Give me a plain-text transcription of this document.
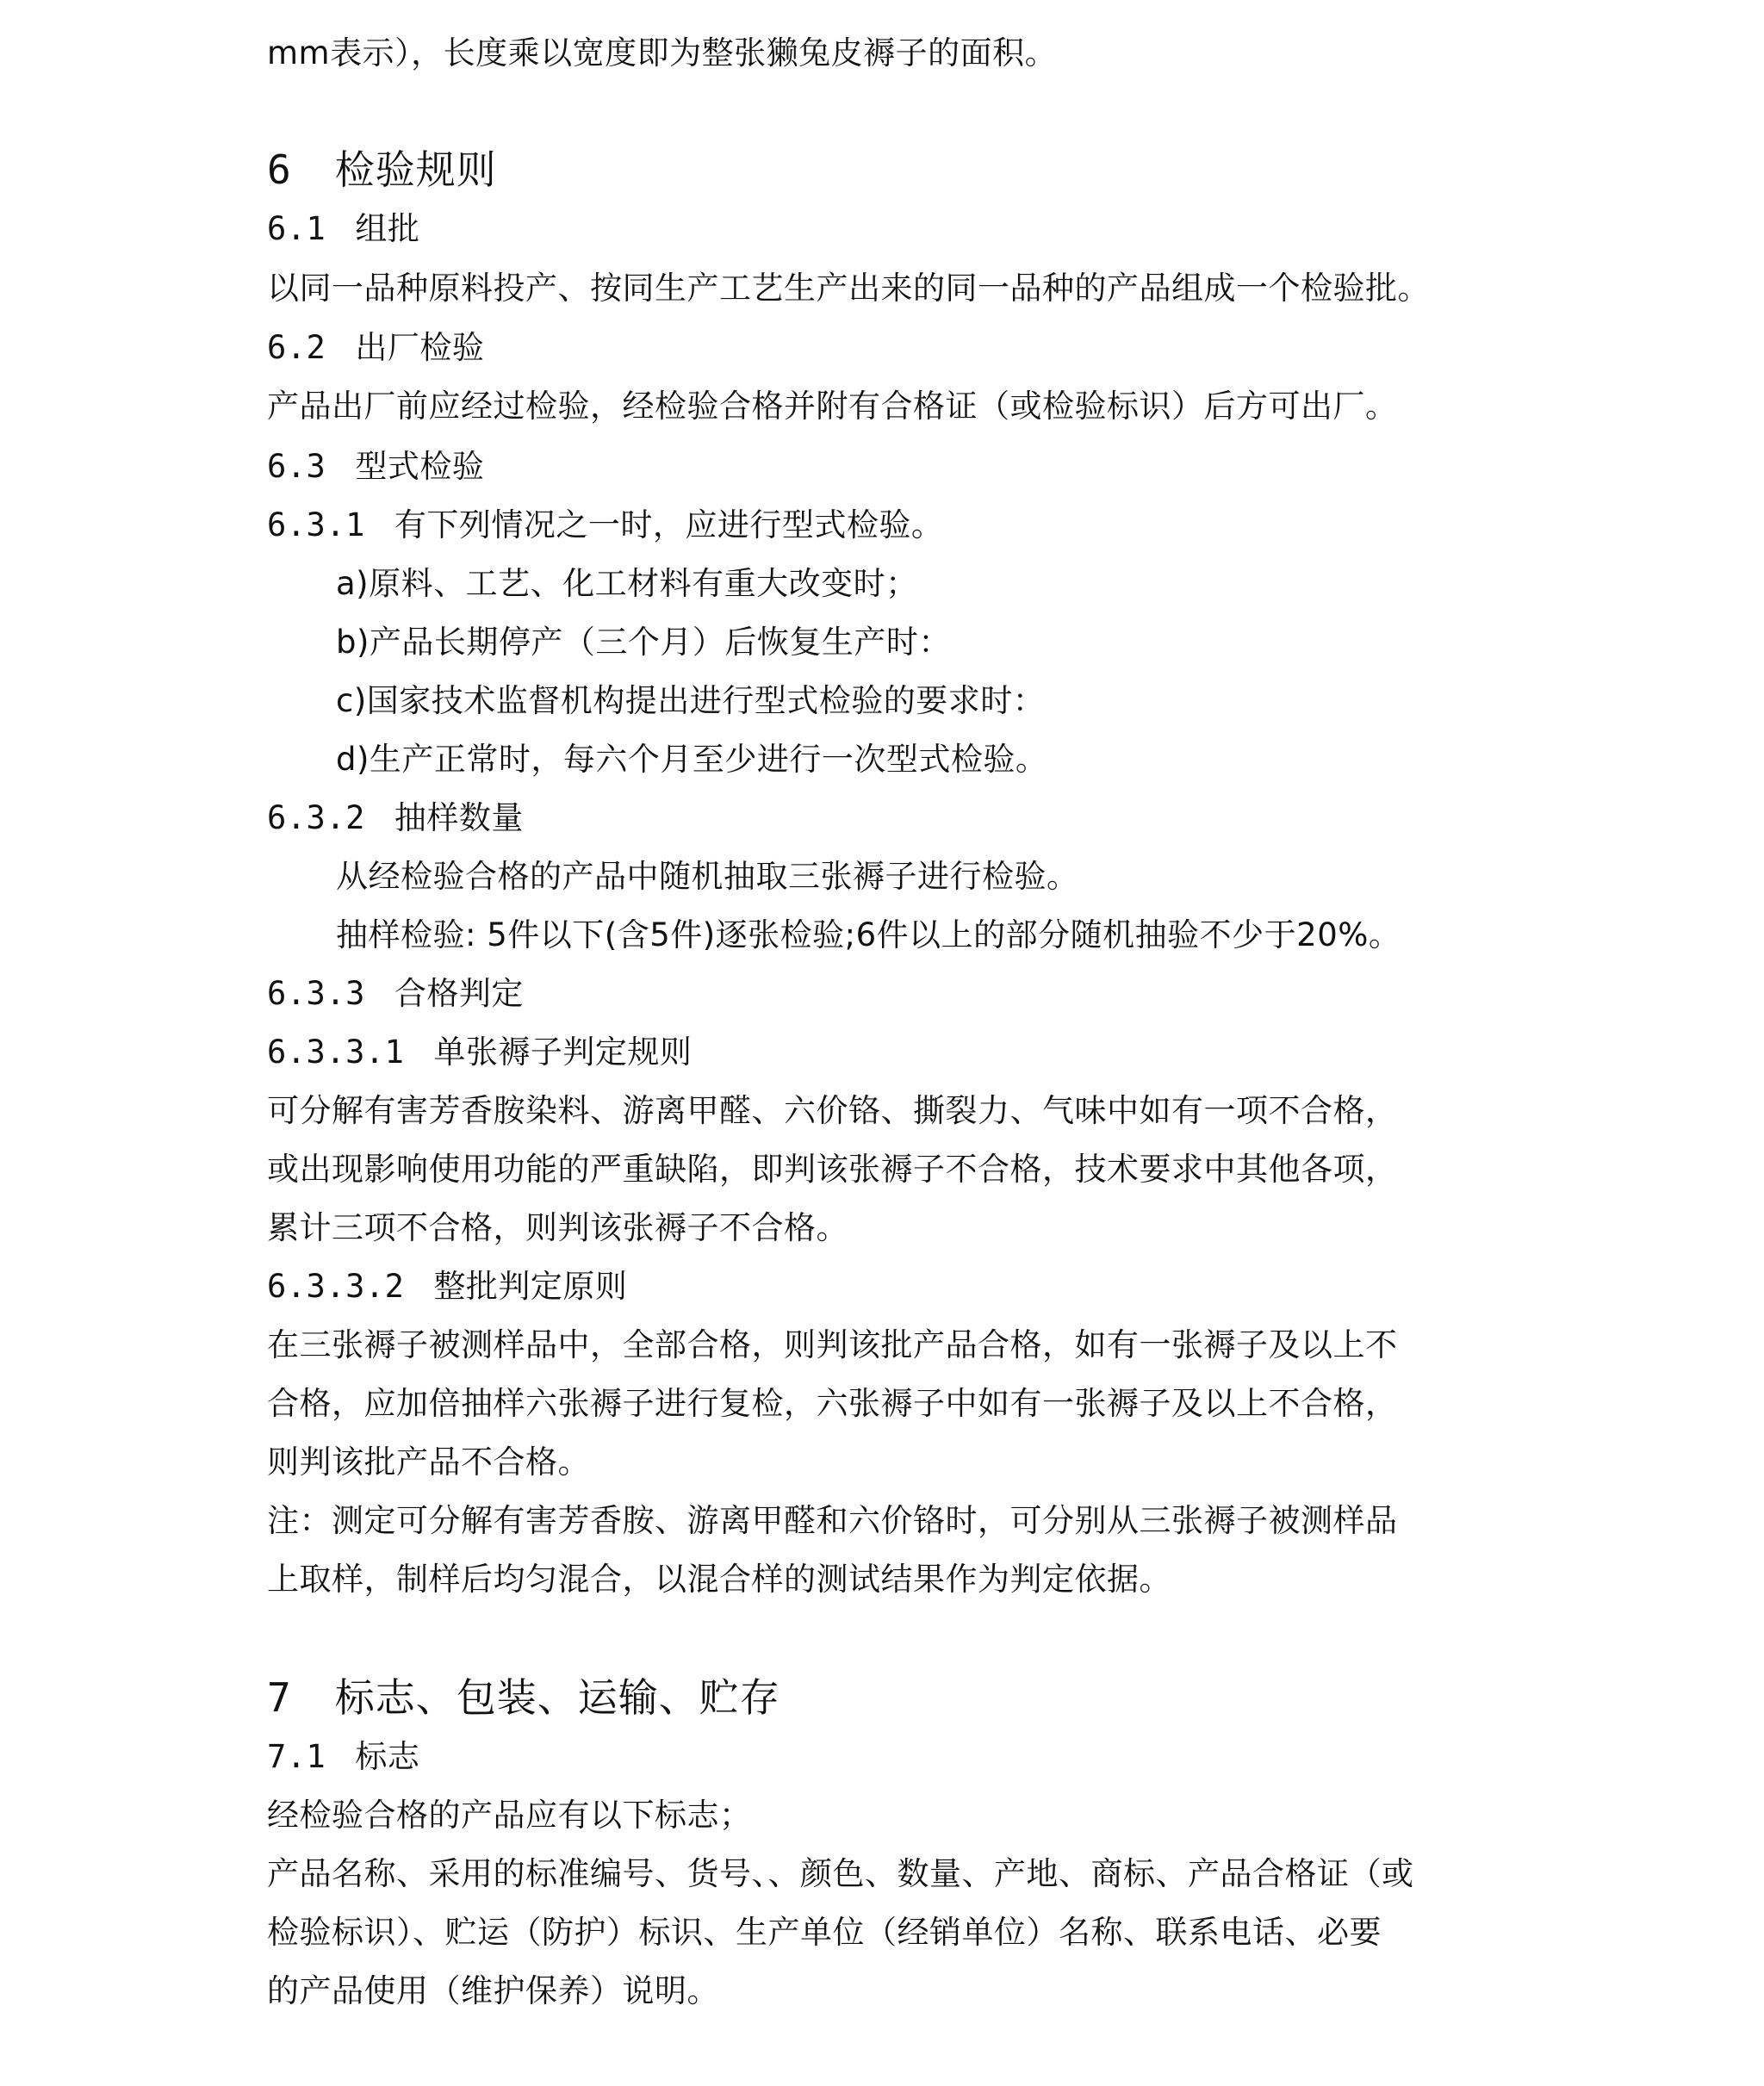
mm表示），长度乘以宽度即为整张獭兔皮褥子的面积。
6 检验规则
6.1 组批
以同一品种原料投产、按同生产工艺生产出来的同一品种的产品组成一个检验批。
6.2 出厂检验
产品出厂前应经过检验，经检验合格并附有合格证（或检验标识）后方可出厂。
6.3 型式检验
6.3.1 有下列情况之一时，应进行型式检验。
a)原料、工艺、化工材料有重大改变时；
b)产品长期停产（三个月）后恢复生产时：
c)国家技术监督机构提出进行型式检验的要求时：
d)生产正常时，每六个月至少进行一次型式检验。
6.3.2 抽样数量
从经检验合格的产品中随机抽取三张褥子进行检验。
抽样检验: 5件以下(含5件)逐张检验;6件以上的部分随机抽验不少于20%。
6.3.3 合格判定
6.3.3.1 单张褥子判定规则
可分解有害芳香胺染料、游离甲醛、六价铬、撕裂力、气味中如有一项不合格，
或出现影响使用功能的严重缺陷，即判该张褥子不合格，技术要求中其他各项，
累计三项不合格，则判该张褥子不合格。
6.3.3.2 整批判定原则
在三张褥子被测样品中，全部合格，则判该批产品合格，如有一张褥子及以上不
合格，应加倍抽样六张褥子进行复检，六张褥子中如有一张褥子及以上不合格，
则判该批产品不合格。
注：测定可分解有害芳香胺、游离甲醛和六价铬时，可分别从三张褥子被测样品
上取样，制样后均匀混合，以混合样的测试结果作为判定依据。
7 标志、包装、运输、贮存
7.1 标志
经检验合格的产品应有以下标志；
产品名称、采用的标准编号、货号、、颜色、数量、产地、商标、产品合格证（或
检验标识）、贮运（防护）标识、生产单位（经销单位）名称、联系电话、必要
的产品使用（维护保养）说明。
